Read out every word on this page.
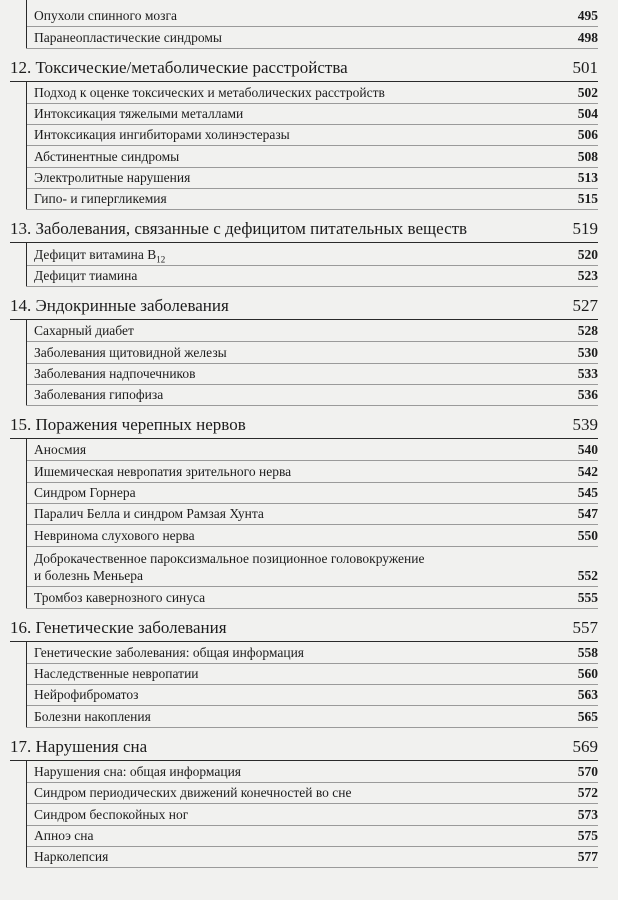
Опухоли спинного мозга	495
Паранеопластические синдромы	498
12. Токсические/метаболические расстройства	501
Подход к оценке токсических и метаболических расстройств	502
Интоксикация тяжелыми металлами	504
Интоксикация ингибиторами холинэстеразы	506
Абстинентные синдромы	508
Электролитные нарушения	513
Гипо- и гипергликемия	515
13. Заболевания, связанные с дефицитом питательных веществ	519
Дефицит витамина $B_{12}$	520
Дефицит тиамина	523
14. Эндокринные заболевания	527
Сахарный диабет	528
Заболевания щитовидной железы	530
Заболевания надпочечников	533
Заболевания гипофиза	536
15. Поражения черепных нервов	539
Аносмия	540
Ишемическая невропатия зрительного нерва	542
Синдром Горнера	545
Паралич Белла и синдром Рамзая Хунта	547
Невринома слухового нерва	550
Доброкачественное пароксизмальное позиционное головокружение
и болезнь Меньера	552
Тромбоз кавернозного синуса	555
16. Генетические заболевания	557
Генетические заболевания: общая информация	558
Наследственные невропатии	560
Нейрофиброматоз	563
Болезни накопления	565
17. Нарушения сна	569
Нарушения сна: общая информация	570
Синдром периодических движений конечностей во сне	572
Синдром беспокойных ног	573
Апноэ сна	575
Нарколепсия	577
